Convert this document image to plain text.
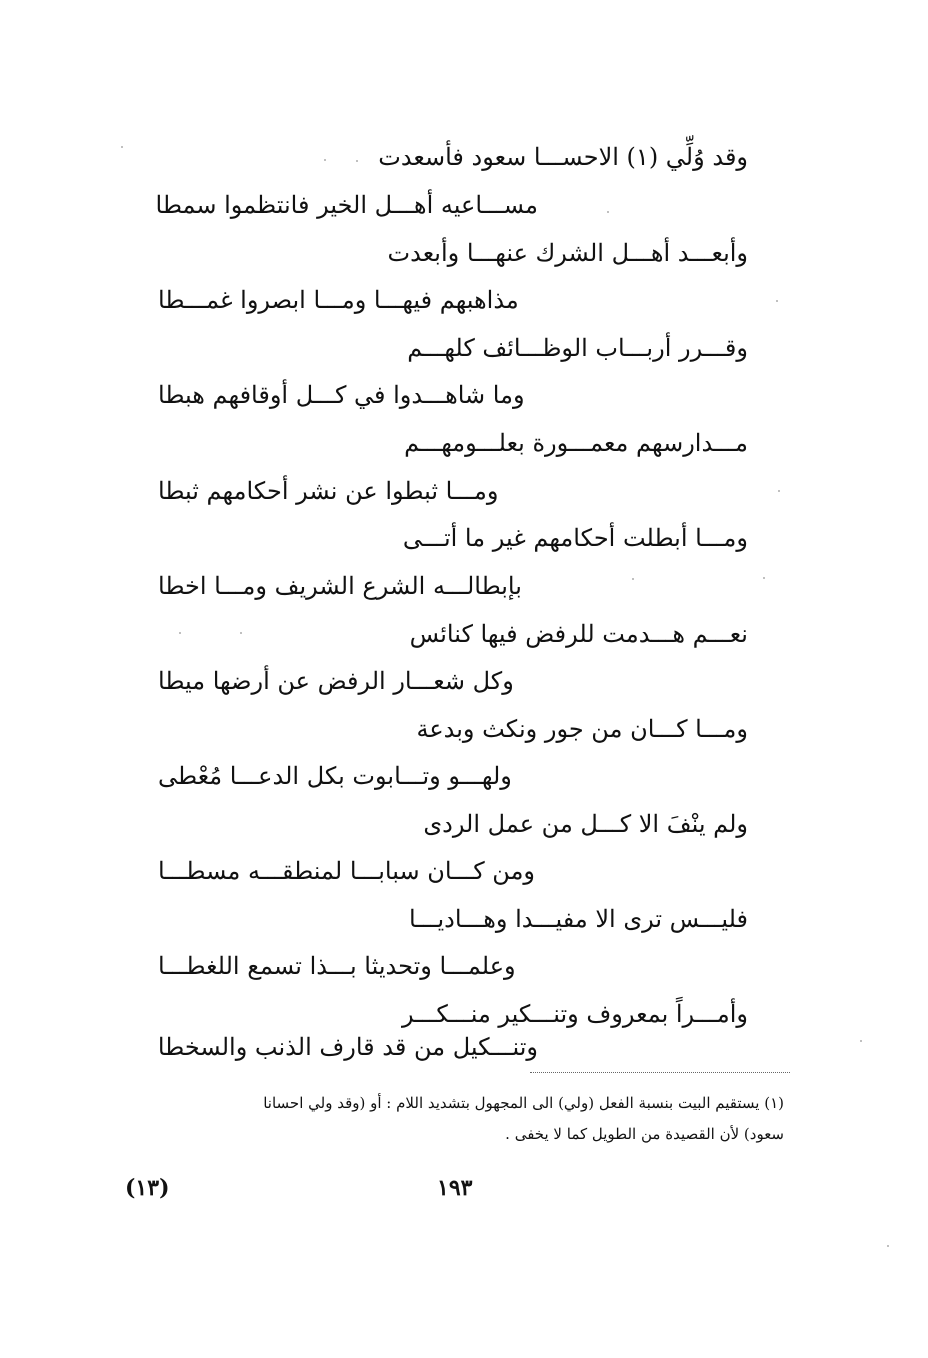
وقد وُلِّي (١) الاحســـا سعود فأسعدت
مســـاعيه أهـــل الخير فانتظموا سمطا
وأبعـــد أهـــل الشرك عنهـــا وأبعدت
مذاهبهم فيهـــا ومـــا ابصروا غمـــطا
وقـــرر أربـــاب الوظـــائف كلهـــم
وما شاهـــدوا في كـــل أوقافهم هبطا
مـــدارسهم معمـــورة بعلـــومهـــم
ومـــا ثبطوا عن نشر أحكامهم ثبطا
ومـــا أبطلت أحكامهم غير ما أتـــى
بإبطالـــه الشرع الشريف ومـــا اخطا
نعـــم هـــدمت للرفض فيها كنائس
وكل شعـــار الرفض عن أرضها ميطا
ومـــا كـــان من جور ونكث وبدعة
ولهـــو وتـــابوت بكل الدعـــا مُعْطى
ولم ينْفَ الا كـــل من عمل الردى
ومن كـــان سبابـــا لمنطقـــه مسطـــا
فليـــس ترى الا مفيـــدا وهـــاديـــا
وعلمـــا وتحديثا بـــذا تسمع اللغطـــا
وأمـــراً بمعروف وتنـــكير منـــكـــر
وتنـــكيل من قد قارف الذنب والسخطا
(١) يستقيم البيت بنسبة الفعل (ولي) الى المجهول بتشديد اللام : أو (وقد ولي احسانا
سعود) لأن القصيدة من الطويل كما لا يخفى .
(١٣)	١٩٣
